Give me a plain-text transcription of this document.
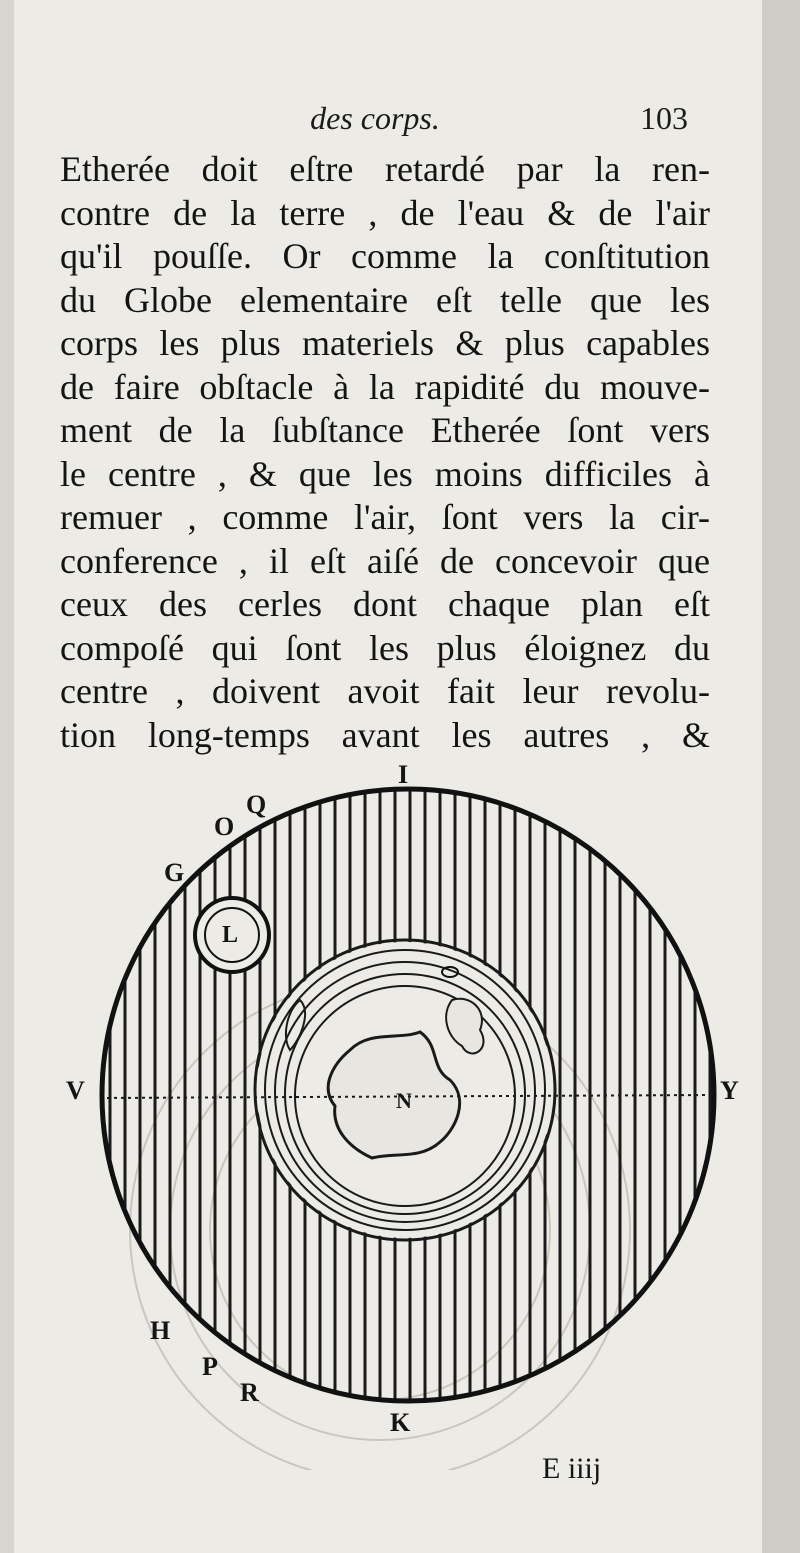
des corps.	103
Etherée doit eſtre retardé par la ren-
contre de la terre , de l'eau & de l'air
qu'il pouſſe. Or comme la conſtitution
du Globe elementaire eſt telle que les
corps les plus materiels & plus capables
de faire obſtacle à la rapidité du mouve-
ment de la ſubſtance Etherée ſont vers
le centre , & que les moins difficiles à
remuer , comme l'air, ſont vers la cir-
conference , il eſt aiſé de concevoir que
ceux des cerles dont chaque plan eſt
compoſé qui ſont les plus éloignez du
centre , doivent avoit fait leur revolu-
tion long-temps avant les autres , &
I
O
Q
G
L
V	Y
N
H
P
R
K
E iiij
